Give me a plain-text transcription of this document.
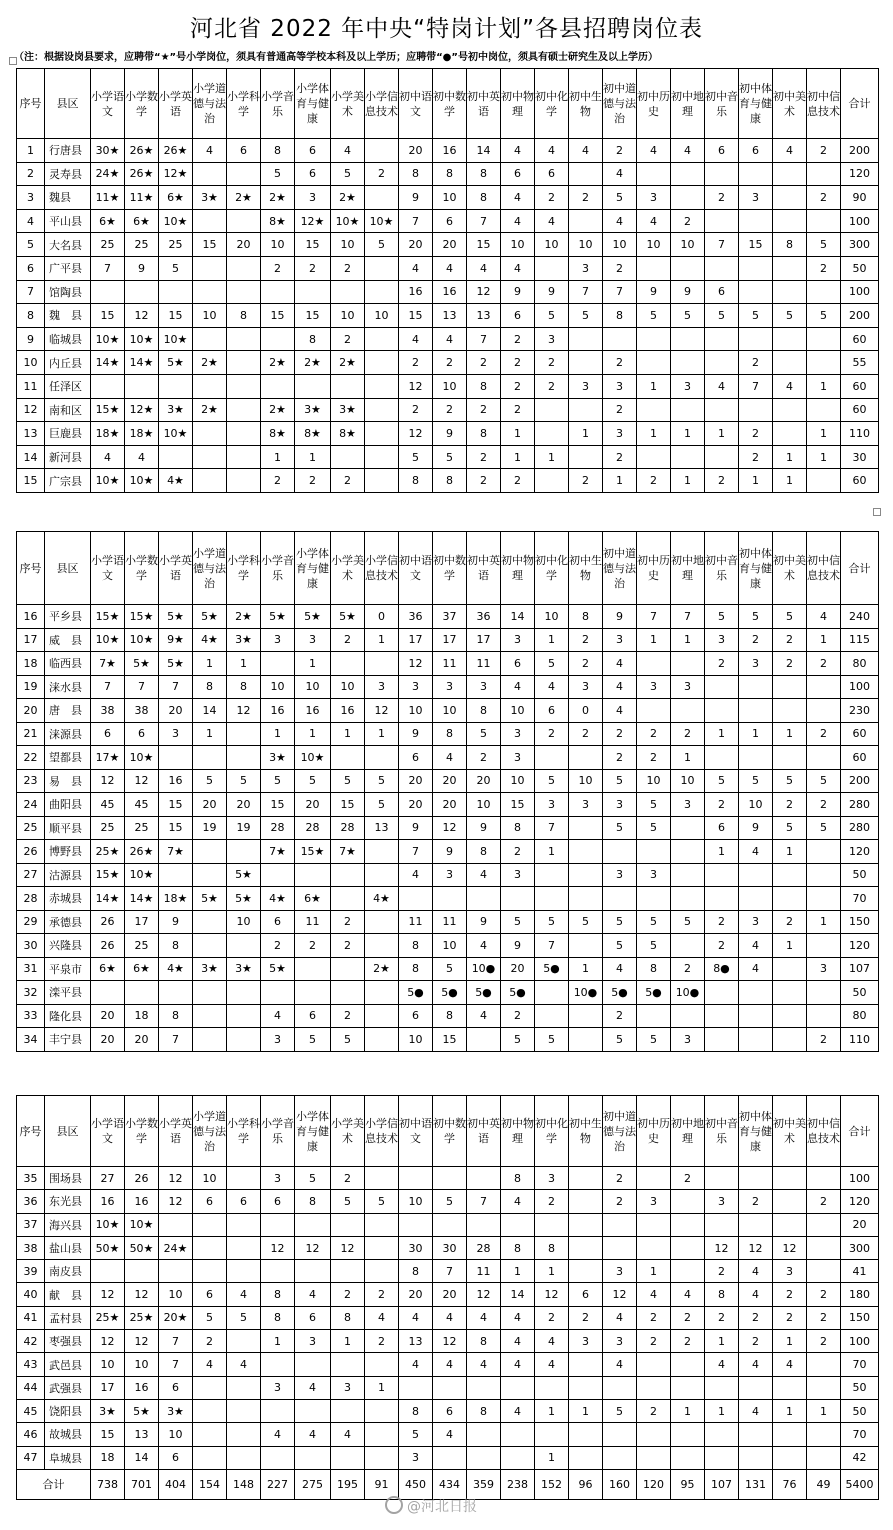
河北省 2022 年中央“特岗计划”各县招聘岗位表
（注：根据设岗县要求，应聘带“★”号小学岗位，须具有普通高等学校本科及以上学历；应聘带“●”号初中岗位，须具有硕士研究生及以上学历）
序号	县区	小学语文	小学数学	小学英语	小学道德与法治	小学科学	小学音乐	小学体育与健康	小学美术	小学信息技术	初中语文	初中数学	初中英语	初中物理	初中化学	初中生物	初中道德与法治	初中历史	初中地理	初中音乐	初中体育与健康	初中美术	初中信息技术	合计
1	行唐县	30★	26★	26★	4	6	8	6	4		20	16	14	4	4	4	2	4	4	6	6	4	2	200
2	灵寿县	24★	26★	12★			5	6	5	2	8	8	8	6	6		4							120
3	魏县	11★	11★	6★	3★	2★	2★	3	2★		9	10	8	4	2	2	5	3		2	3		2	90
4	平山县	6★	6★	10★			8★	12★	10★	10★	7	6	7	4	4		4	4	2					100
5	大名县	25	25	25	15	20	10	15	10	5	20	20	15	10	10	10	10	10	10	7	15	8	5	300
6	广平县	7	9	5			2	2	2		4	4	4	4		3	2						2	50
7	馆陶县										16	16	12	9	9	7	7	9	9	6				100
8	魏　县	15	12	15	10	8	15	15	10	10	15	13	13	6	5	5	8	5	5	5	5	5	5	200
9	临城县	10★	10★	10★				8	2		4	4	7	2	3									60
10	内丘县	14★	14★	5★	2★		2★	2★	2★		2	2	2	2	2		2				2			55
11	任泽区										12	10	8	2	2	3	3	1	3	4	7	4	1	60
12	南和区	15★	12★	3★	2★		2★	3★	3★		2	2	2	2			2							60
13	巨鹿县	18★	18★	10★			8★	8★	8★		12	9	8	1		1	3	1	1	1	2		1	110
14	新河县	4	4				1	1			5	5	2	1	1		2				2	1	1	30
15	广宗县	10★	10★	4★			2	2	2		8	8	2	2		2	1	2	1	2	1	1		60
序号	县区	小学语文	小学数学	小学英语	小学道德与法治	小学科学	小学音乐	小学体育与健康	小学美术	小学信息技术	初中语文	初中数学	初中英语	初中物理	初中化学	初中生物	初中道德与法治	初中历史	初中地理	初中音乐	初中体育与健康	初中美术	初中信息技术	合计
16	平乡县	15★	15★	5★	5★	2★	5★	5★	5★	0	36	37	36	14	10	8	9	7	7	5	5	5	4	240
17	威　县	10★	10★	9★	4★	3★	3	3	2	1	17	17	17	3	1	2	3	1	1	3	2	2	1	115
18	临西县	7★	5★	5★	1	1		1			12	11	11	6	5	2	4			2	3	2	2	80
19	涞水县	7	7	7	8	8	10	10	10	3	3	3	3	4	4	3	4	3	3					100
20	唐　县	38	38	20	14	12	16	16	16	12	10	10	8	10	6	0	4							230
21	涞源县	6	6	3	1		1	1	1	1	9	8	5	3	2	2	2	2	2	1	1	1	2	60
22	望都县	17★	10★				3★	10★			6	4	2	3			2	2	1					60
23	易　县	12	12	16	5	5	5	5	5	5	20	20	20	10	5	10	5	10	10	5	5	5	5	200
24	曲阳县	45	45	15	20	20	15	20	15	5	20	20	10	15	3	3	3	5	3	2	10	2	2	280
25	顺平县	25	25	15	19	19	28	28	28	13	9	12	9	8	7		5	5		6	9	5	5	280
26	博野县	25★	26★	7★			7★	15★	7★		7	9	8	2	1					1	4	1		120
27	沽源县	15★	10★			5★					4	3	4	3			3	3						50
28	赤城县	14★	14★	18★	5★	5★	4★	6★		4★														70
29	承德县	26	17	9		10	6	11	2		11	11	9	5	5	5	5	5	5	2	3	2	1	150
30	兴隆县	26	25	8			2	2	2		8	10	4	9	7		5	5		2	4	1		120
31	平泉市	6★	6★	4★	3★	3★	5★			2★	8	5	10●	20	5●	1	4	8	2	8●	4		3	107
32	滦平县										5●	5●	5●	5●		10●	5●	5●	10●					50
33	隆化县	20	18	8			4	6	2		6	8	4	2			2							80
34	丰宁县	20	20	7			3	5	5		10	15		5	5		5	5	3				2	110
序号	县区	小学语文	小学数学	小学英语	小学道德与法治	小学科学	小学音乐	小学体育与健康	小学美术	小学信息技术	初中语文	初中数学	初中英语	初中物理	初中化学	初中生物	初中道德与法治	初中历史	初中地理	初中音乐	初中体育与健康	初中美术	初中信息技术	合计
35	围场县	27	26	12	10		3	5	2					8	3		2		2					100
36	东光县	16	16	12	6	6	6	8	5	5	10	5	7	4	2		2	3		3	2		2	120
37	海兴县	10★	10★																					20
38	盐山县	50★	50★	24★			12	12	12		30	30	28	8	8					12	12	12		300
39	南皮县										8	7	11	1	1		3	1		2	4	3		41
40	献　县	12	12	10	6	4	8	4	2	2	20	20	12	14	12	6	12	4	4	8	4	2	2	180
41	孟村县	25★	25★	20★	5	5	8	6	8	4	4	4	4	4	2	2	4	2	2	2	2	2	2	150
42	枣强县	12	12	7	2		1	3	1	2	13	12	8	4	4	3	3	2	2	1	2	1	2	100
43	武邑县	10	10	7	4	4					4	4	4	4	4		4			4	4	4		70
44	武强县	17	16	6			3	4	3	1														50
45	饶阳县	3★	5★	3★							8	6	8	4	1	1	5	2	1	1	4	1	1	50
46	故城县	15	13	10			4	4	4		5	4												70
47	阜城县	18	14	6							3				1									42
合计		738	701	404	154	148	227	275	195	91	450	434	359	238	152	96	160	120	95	107	131	76	49	5400
@河北日报
